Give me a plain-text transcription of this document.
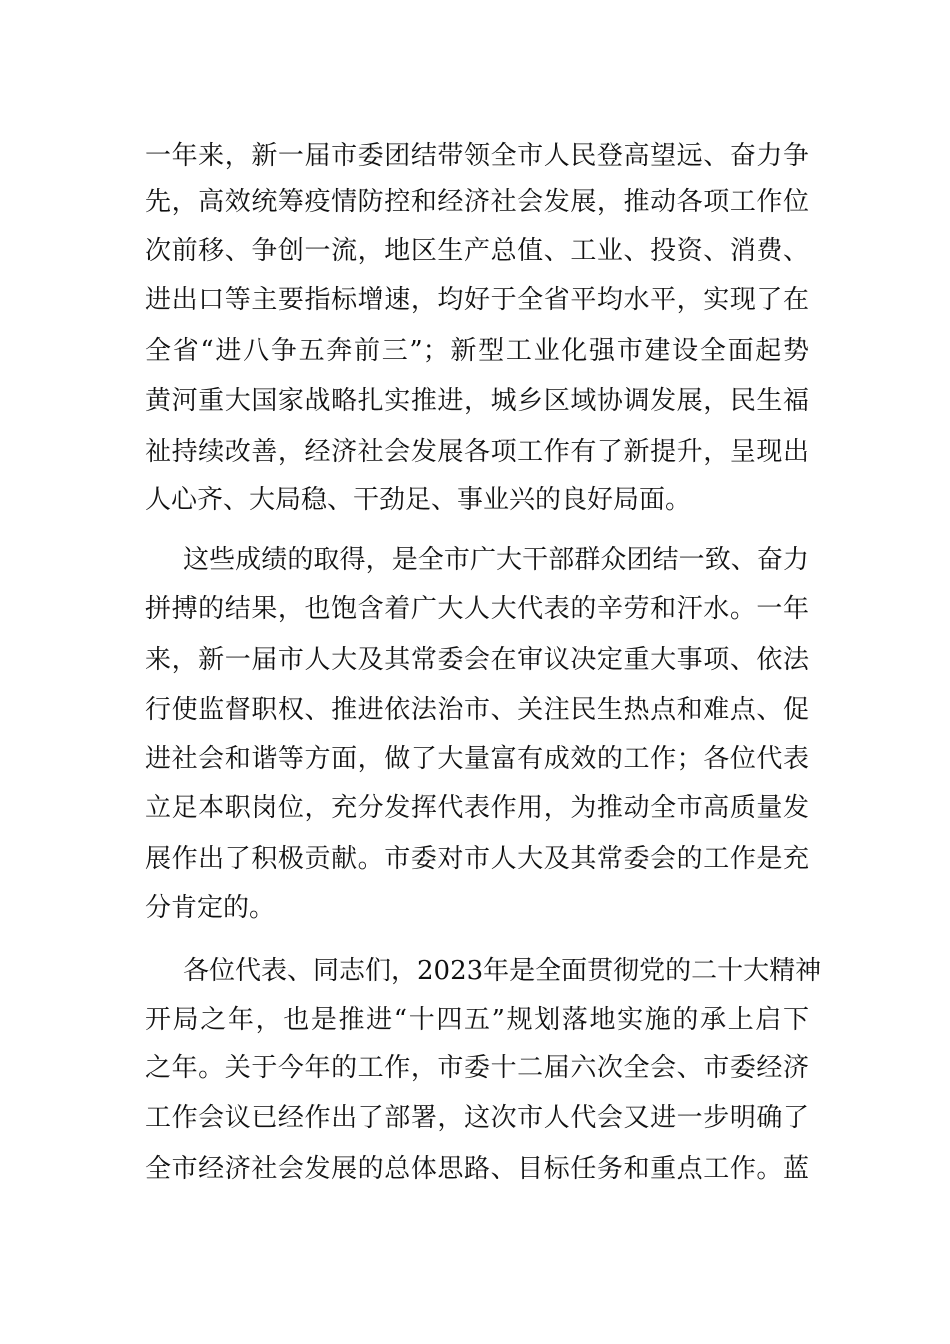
一年来，新一届市委团结带领全市人民登高望远、奋力争
先，高效统筹疫情防控和经济社会发展，推动各项工作位
次前移、争创一流，地区生产总值、工业、投资、消费、
进出口等主要指标增速，均好于全省平均水平，实现了在
全省“进八争五奔前三”；新型工业化强市建设全面起势
黄河重大国家战略扎实推进，城乡区域协调发展，民生福
祉持续改善，经济社会发展各项工作有了新提升，呈现出
人心齐、大局稳、干劲足、事业兴的良好局面。
这些成绩的取得，是全市广大干部群众团结一致、奋力
拼搏的结果，也饱含着广大人大代表的辛劳和汗水。一年
来，新一届市人大及其常委会在审议决定重大事项、依法
行使监督职权、推进依法治市、关注民生热点和难点、促
进社会和谐等方面，做了大量富有成效的工作；各位代表
立足本职岗位，充分发挥代表作用，为推动全市高质量发
展作出了积极贡献。市委对市人大及其常委会的工作是充
分肯定的。
各位代表、同志们，2023年是全面贯彻党的二十大精神
开局之年，也是推进“十四五”规划落地实施的承上启下
之年。关于今年的工作，市委十二届六次全会、市委经济
工作会议已经作出了部署，这次市人代会又进一步明确了
全市经济社会发展的总体思路、目标任务和重点工作。蓝
